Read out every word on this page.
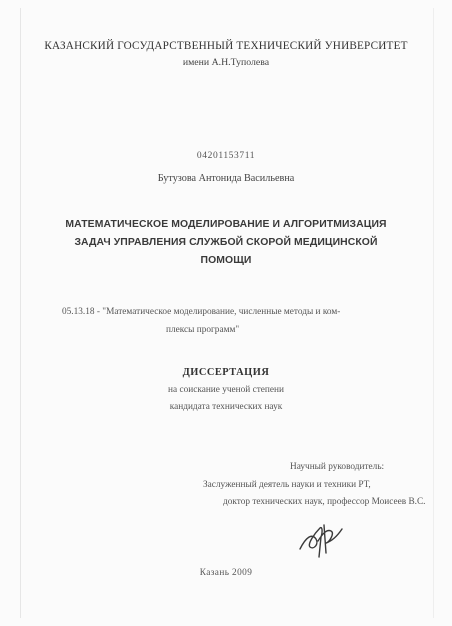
КАЗАНСКИЙ ГОСУДАРСТВЕННЫЙ ТЕХНИЧЕСКИЙ УНИВЕРСИТЕТ
имени А.Н.Туполева
04201153711
Бутузова Антонида Васильевна
МАТЕМАТИЧЕСКОЕ МОДЕЛИРОВАНИЕ И АЛГОРИТМИЗАЦИЯ
ЗАДАЧ УПРАВЛЕНИЯ СЛУЖБОЙ СКОРОЙ МЕДИЦИНСКОЙ
ПОМОЩИ
05.13.18 - "Математическое моделирование, численные методы и ком-
плексы программ"
ДИССЕРТАЦИЯ
на соискание ученой степени
кандидата технических наук
Научный руководитель:
Заслуженный деятель науки и техники РТ,
доктор технических наук, профессор Моисеев В.С.
Казань 2009
